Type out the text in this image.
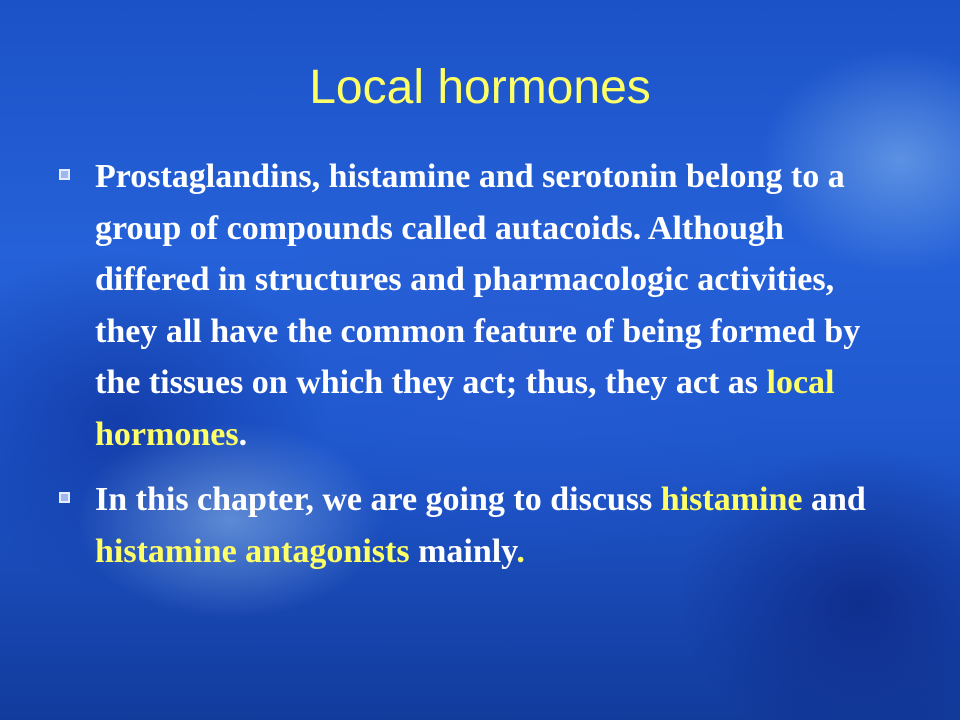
Local hormones
Prostaglandins, histamine and serotonin belong to a group of compounds called autacoids. Although differed in structures and pharmacologic activities, they all have the common feature of being formed by the tissues on which they act; thus, they act as local hormones.
In this chapter, we are going to discuss histamine and histamine antagonists mainly.
